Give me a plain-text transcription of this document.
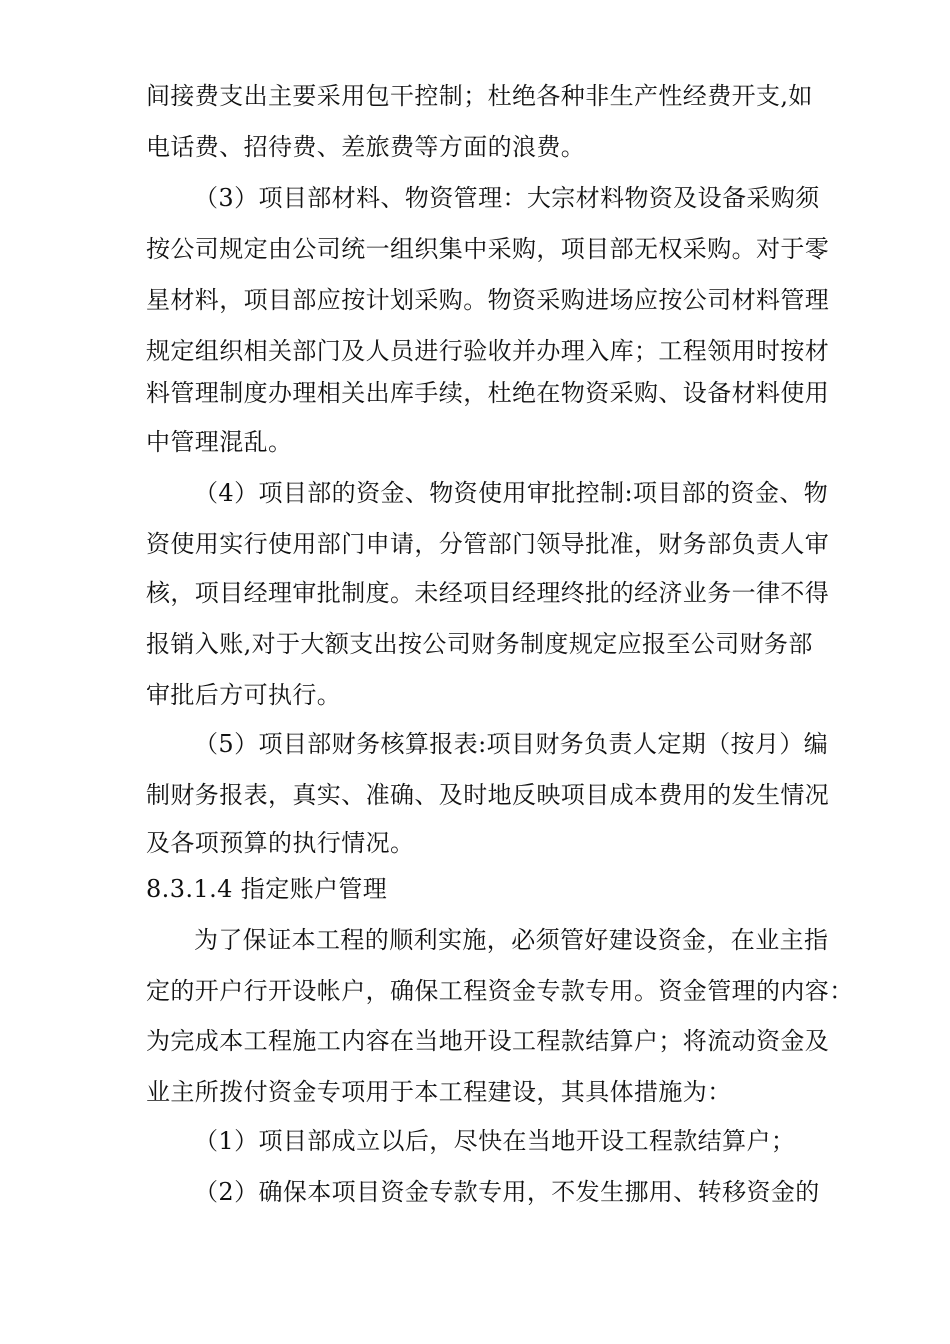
间接费支出主要采用包干控制；杜绝各种非生产性经费开支,如
电话费、招待费、差旅费等方面的浪费。
（3）项目部材料、物资管理：大宗材料物资及设备采购须
按公司规定由公司统一组织集中采购，项目部无权采购。对于零
星材料，项目部应按计划采购。物资采购进场应按公司材料管理
规定组织相关部门及人员进行验收并办理入库；工程领用时按材
料管理制度办理相关出库手续，杜绝在物资采购、设备材料使用
中管理混乱。
（4）项目部的资金、物资使用审批控制:项目部的资金、物
资使用实行使用部门申请，分管部门领导批准，财务部负责人审
核，项目经理审批制度。未经项目经理终批的经济业务一律不得
报销入账,对于大额支出按公司财务制度规定应报至公司财务部
审批后方可执行。
（5）项目部财务核算报表:项目财务负责人定期（按月）编
制财务报表，真实、准确、及时地反映项目成本费用的发生情况
及各项预算的执行情况。
8.3.1.4 指定账户管理
为了保证本工程的顺利实施，必须管好建设资金，在业主指
定的开户行开设帐户，确保工程资金专款专用。资金管理的内容：
为完成本工程施工内容在当地开设工程款结算户；将流动资金及
业主所拨付资金专项用于本工程建设，其具体措施为：
（1）项目部成立以后，尽快在当地开设工程款结算户；
（2）确保本项目资金专款专用，不发生挪用、转移资金的
